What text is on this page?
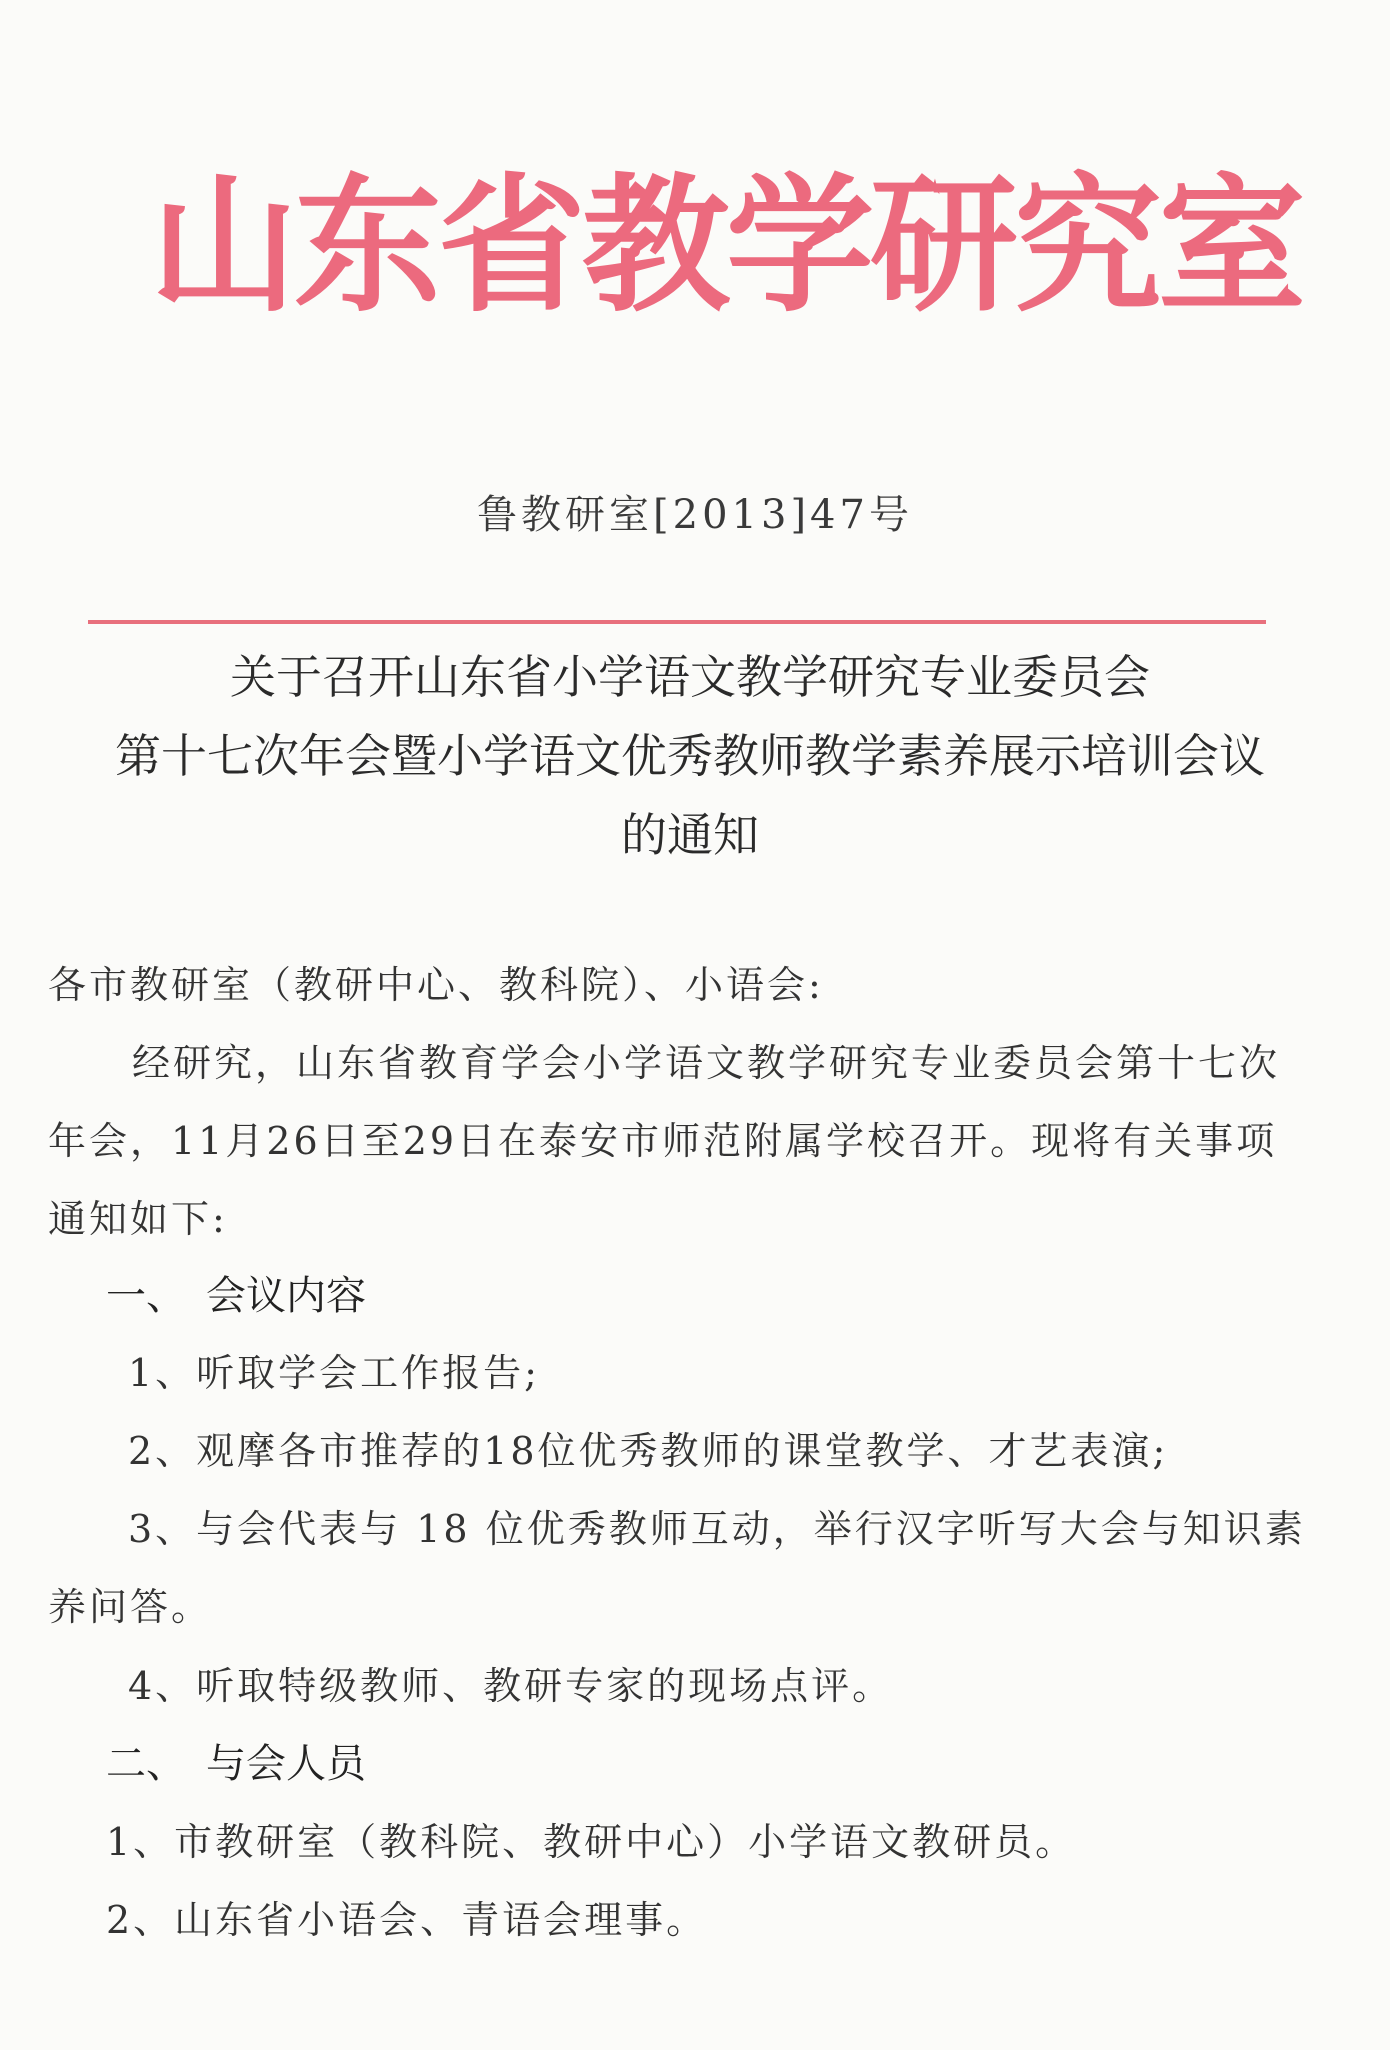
山东省教学研究室
鲁教研室[2013]47号
关于召开山东省小学语文教学研究专业委员会
第十七次年会暨小学语文优秀教师教学素养展示培训会议
的通知
各市教研室（教研中心、教科院）、小语会:
经研究，山东省教育学会小学语文教学研究专业委员会第十七次
年会，11月26日至29日在泰安市师范附属学校召开。现将有关事项
通知如下:
一、 会议内容
1、听取学会工作报告;
2、观摩各市推荐的18位优秀教师的课堂教学、才艺表演;
3、与会代表与 18 位优秀教师互动，举行汉字听写大会与知识素
养问答。
4、听取特级教师、教研专家的现场点评。
二、 与会人员
1、市教研室（教科院、教研中心）小学语文教研员。
2、山东省小语会、青语会理事。
